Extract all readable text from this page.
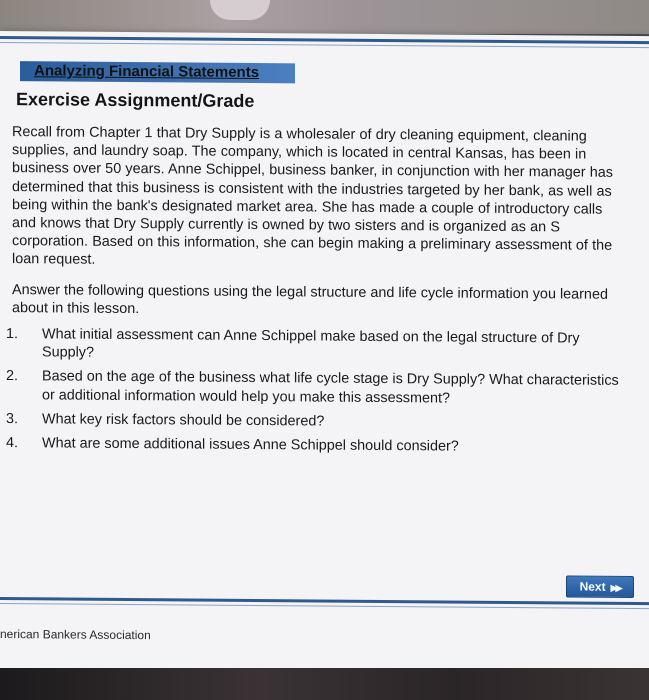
Analyzing Financial Statements
Exercise Assignment/Grade

Recall from Chapter 1 that Dry Supply is a wholesaler of dry cleaning equipment, cleaning supplies, and laundry soap. The company, which is located in central Kansas, has been in business over 50 years. Anne Schippel, business banker, in conjunction with her manager has determined that this business is consistent with the industries targeted by her bank, as well as being within the bank's designated market area. She has made a couple of introductory calls and knows that Dry Supply currently is owned by two sisters and is organized as an S corporation. Based on this information, she can begin making a preliminary assessment of the loan request.

Answer the following questions using the legal structure and life cycle information you learned about in this lesson.

1. What initial assessment can Anne Schippel make based on the legal structure of Dry Supply?
2. Based on the age of the business what life cycle stage is Dry Supply? What characteristics or additional information would help you make this assessment?
3. What key risk factors should be considered?
4. What are some additional issues Anne Schippel should consider?
Next ▶▶
nerican Bankers Association
